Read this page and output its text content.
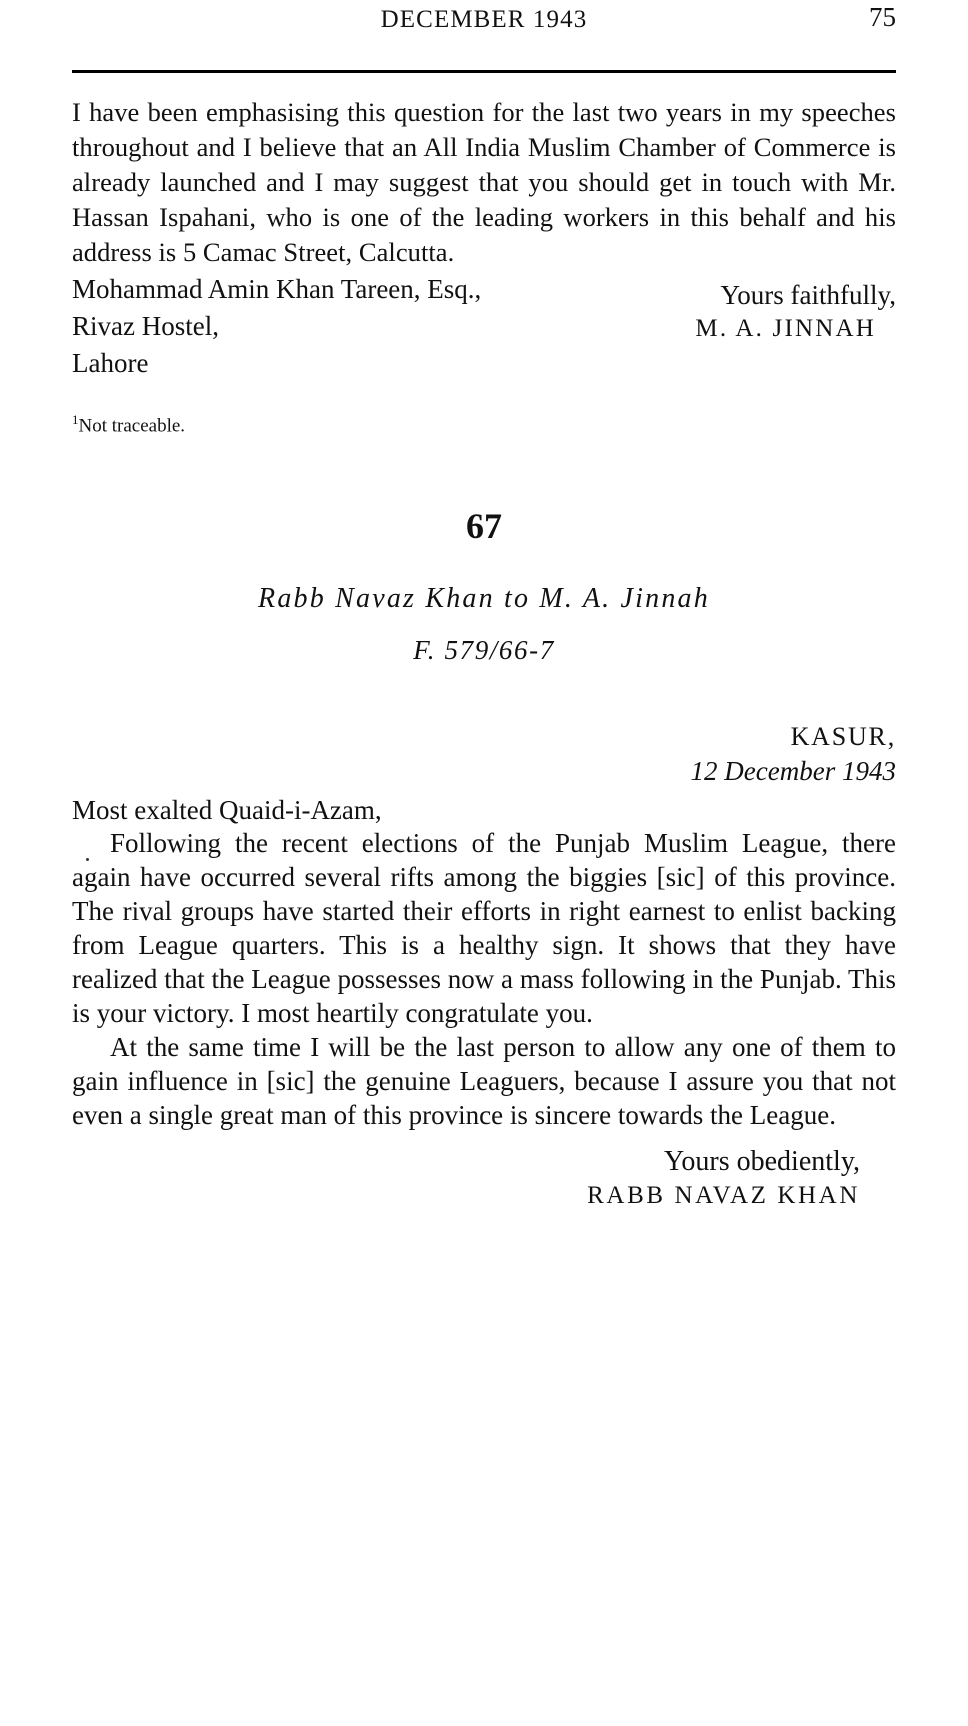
DECEMBER 1943	75

I have been emphasising this question for the last two years in my speeches throughout and I believe that an All India Muslim Chamber of Commerce is already launched and I may suggest that you should get in touch with Mr. Hassan Ispahani, who is one of the leading workers in this behalf and his address is 5 Camac Street, Calcutta.

Yours faithfully,
M. A. JINNAH
Mohammad Amin Khan Tareen, Esq.,
Rivaz Hostel,
Lahore
$^1$Not traceable.
67
Rabb Navaz Khan to M. A. Jinnah
F. 579/66-7
KASUR,
12 December 1943
Most exalted Quaid-i-Azam,

Following the recent elections of the Punjab Muslim League, there again have occurred several rifts among the biggies [sic] of this province. The rival groups have started their efforts in right earnest to enlist backing from League quarters. This is a healthy sign. It shows that they have realized that the League possesses now a mass following in the Punjab. This is your victory. I most heartily congratulate you.

At the same time I will be the last person to allow any one of them to gain influence in [sic] the genuine Leaguers, because I assure you that not even a single great man of this province is sincere towards the League.

Yours obediently,
RABB NAVAZ KHAN
